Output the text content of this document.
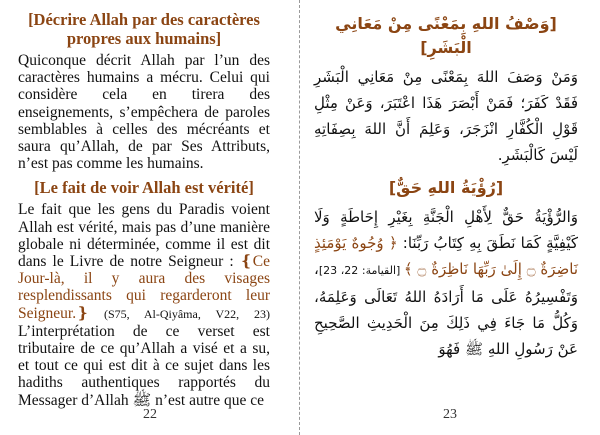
[Décrire Allah par des caractères propres aux humains]

Quiconque décrit Allah par l’un des caractères humains a mécru. Celui qui considère cela en tirera des enseignements, s’empêchera de paroles semblables à celles des mécréants et saura qu’Allah, de par Ses Attributs, n’est pas comme les humains.

[Le fait de voir Allah est vérité]

Le fait que les gens du Paradis voient Allah est vérité, mais pas d’une manière globale ni déterminée, comme il est dit dans le Livre de notre Seigneur : ❴Ce Jour-là, il y aura des visages resplendissants qui regarderont leur Seigneur.❵ (S75, Al-Qiyâma, V22, 23) L’interprétation de ce verset est tributaire de ce qu’Allah a visé et a su, et tout ce qui est dit à ce sujet dans les hadiths authentiques rapportés du Messager d’Allah ﷺ n’est autre que ce

22

[وَصْفُ اللهِ بِمَعْنًى مِنْ مَعَانِي الْبَشَرِ]

وَمَنْ وَصَفَ اللهَ بِمَعْنًى مِنْ مَعَانِي الْبَشَرِ فَقَدْ كَفَرَ؛ فَمَنْ أَبْصَرَ هَذَا اعْتَبَرَ، وَعَنْ مِثْلِ قَوْلِ الْكُفَّارِ انْزَجَرَ، وَعَلِمَ أَنَّ اللهَ بِصِفَاتِهِ لَيْسَ كَالْبَشَرِ.

[رُؤْيَةُ اللهِ حَقٌّ]

وَالرُّؤْيَةُ حَقٌّ لِأَهْلِ الْجَنَّةِ بِغَيْرِ إِحَاطَةٍ وَلَا كَيْفِيَّةٍ كَمَا نَطَقَ بِهِ كِتَابُ رَبِّنَا: ﴿ وُجُوهٌ يَوْمَئِذٍ نَاضِرَةٌ ۝ إِلَىٰ رَبِّهَا نَاظِرَةٌ ۝ ﴾ [القيامة: 22، 23]، وَتَفْسِيرُهُ عَلَى مَا أَرَادَهُ اللهُ تَعَالَى وَعَلِمَهُ، وَكُلُّ مَا جَاءَ فِي ذَلِكَ مِنَ الْحَدِيثِ الصَّحِيحِ عَنْ رَسُولِ اللهِ ﷺ فَهُوَ

23
